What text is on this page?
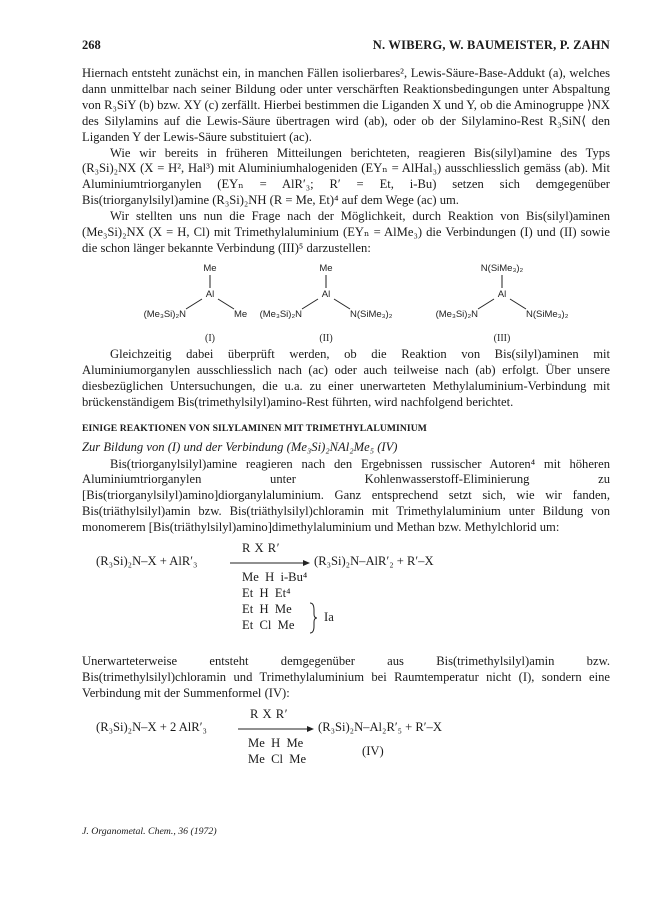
268	N. WIBERG, W. BAUMEISTER, P. ZAHN

Hiernach entsteht zunächst ein, in manchen Fällen isolierbares², Lewis-Säure-Base-Addukt (a), welches dann unmittelbar nach seiner Bildung oder unter verschärften Reaktionsbedingungen unter Abspaltung von R₃SiY (b) bzw. XY (c) zerfällt. Hierbei bestimmen die Liganden X und Y, ob die Aminogruppe ⟩NX des Silylamins auf die Lewis-Säure übertragen wird (ab), oder ob der Silylamino-Rest R₃SiN⟨ den Liganden Y der Lewis-Säure substituiert (ac).

Wie wir bereits in früheren Mitteilungen berichteten, reagieren Bis(silyl)amine des Typs (R₃Si)₂NX (X = H², Hal³) mit Aluminiumhalogeniden (EYₙ = AlHal₃) ausschliesslich gemäss (ab). Mit Aluminiumtriorganylen (EYₙ = AlR′₃; R′ = Et, i-Bu) setzen sich demgegenüber Bis(triorganylsilyl)amine (R₃Si)₂NH (R = Me, Et)⁴ auf dem Wege (ac) um.

Wir stellten uns nun die Frage nach der Möglichkeit, durch Reaktion von Bis(silyl)aminen (Me₃Si)₂NX (X = H, Cl) mit Trimethylaluminium (EYₙ = AlMe₃) die Verbindungen (I) und (II) sowie die schon länger bekannte Verbindung (III)⁵ darzustellen:

Me
Al
(Me₃Si)₂N	Me
(I)
Me
Al
(Me₃Si)₂N	N(SiMe₃)₂
(II)
N(SiMe₃)₂
Al
(Me₃Si)₂N	N(SiMe₃)₂
(III)

Gleichzeitig dabei überprüft werden, ob die Reaktion von Bis(silyl)aminen mit Aluminiumorganylen ausschliesslich nach (ac) oder auch teilweise nach (ab) erfolgt. Über unsere diesbezüglichen Untersuchungen, die u.a. zu einer unerwarteten Methylaluminium-Verbindung mit brückenständigem Bis(trimethylsilyl)amino-Rest führten, wird nachfolgend berichtet.

EINIGE REAKTIONEN VON SILYLAMINEN MIT TRIMETHYLALUMINIUM
Zur Bildung von (I) und der Verbindung (Me₃Si)₂NAl₂Me₅ (IV)

Bis(triorganylsilyl)amine reagieren nach den Ergebnissen russischer Autoren⁴ mit höheren Aluminiumtriorganylen unter Kohlenwasserstoff-Eliminierung zu [Bis(triorganylsilyl)amino]diorganylaluminium. Ganz entsprechend setzt sich, wie wir fanden, Bis(triäthylsilyl)amin bzw. Bis(triäthylsilyl)chloramin mit Trimethylaluminium unter Bildung von monomerem [Bis(triäthylsilyl)amino]dimethylaluminium und Methan bzw. Methylchlorid um:

(R₃Si)₂N–X + AlR′₃
R X R′
(R₃Si)₂N–AlR′₂ + R′–X
Me  H  i-Bu⁴
Et  H  Et⁴
Et  H  Me
Et  Cl  Me
Ia

Unerwarteterweise entsteht demgegenüber aus Bis(trimethylsilyl)amin bzw. Bis(trimethylsilyl)chloramin und Trimethylaluminium bei Raumtemperatur nicht (I), sondern eine Verbindung mit der Summenformel (IV):

(R₃Si)₂N–X + 2 AlR′₃
R X R′
(R₃Si)₂N–Al₂R′₅ + R′–X
Me  H  Me
Me  Cl  Me
(IV)
J. Organometal. Chem., 36 (1972)
